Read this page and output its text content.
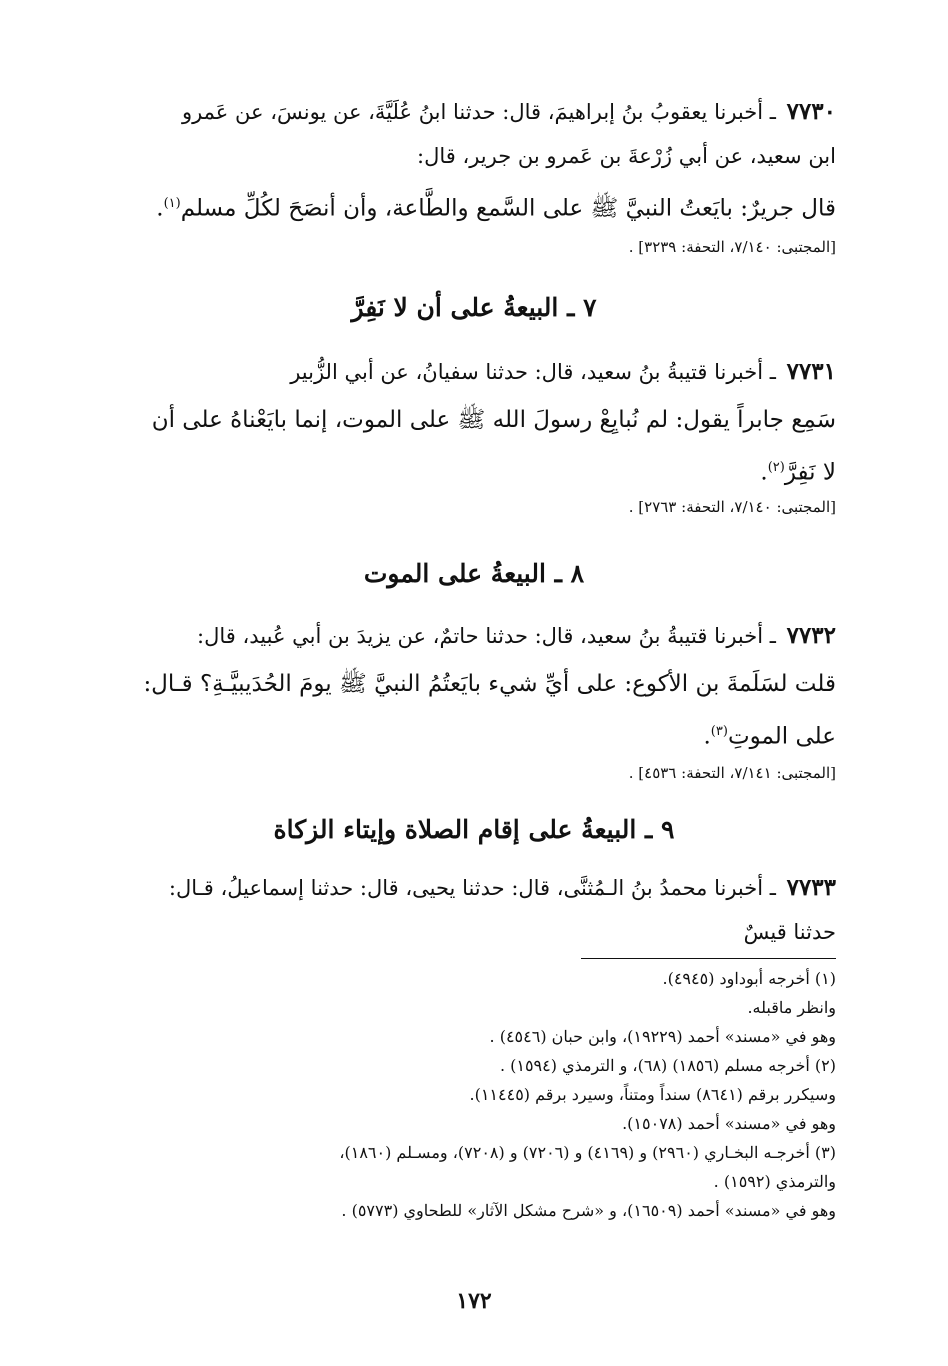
٧٧٣٠ ـ أخبرنا يعقوبُ بنُ إبراهيمَ، قال: حدثنا ابنُ عُلَيَّةَ، عن يونسَ، عن عَمرو
ابن سعيد، عن أبي زُرْعةَ بن عَمرو بن جرير، قال:
قال جريرٌ: بايَعتُ النبيَّ ﷺ على السَّمع والطَّاعة، وأن أنصَحَ لكُلِّ مسلم$^{(١)}$.
[المجتبى: ٧/١٤٠، التحفة: ٣٢٣٩] .
٧ ـ البيعةُ على أن لا نَفِرَّ
٧٧٣١ ـ أخبرنا قتيبةُ بنُ سعيد، قال: حدثنا سفيانُ، عن أبي الزُّبير
سَمِع جابراً يقول: لم نُبايِعْ رسولَ الله ﷺ على الموت، إنما بايَعْناهُ على أن
لا نَفِرَّ$^{(٢)}$.
[المجتبى: ٧/١٤٠، التحفة: ٢٧٦٣] .
٨ ـ البيعةُ على الموت
٧٧٣٢ ـ أخبرنا قتيبةُ بنُ سعيد، قال: حدثنا حاتمٌ، عن يزيدَ بن أبي عُبيد، قال:
قلت لسَلَمةَ بن الأكوع: على أيِّ شيء بايَعتُمُ النبيَّ ﷺ يومَ الحُدَيبيَّـةِ؟ قـال:
على الموتِ$^{(٣)}$.
[المجتبى: ٧/١٤١، التحفة: ٤٥٣٦] .
٩ ـ البيعةُ على إقام الصلاة وإيتاء الزكاة
٧٧٣٣ ـ أخبرنا محمدُ بنُ الـمُثنَّى، قال: حدثنا يحيى، قال: حدثنا إسماعيلُ، قـال:
حدثنا قيسٌ
(١) أخرجه أبوداود (٤٩٤٥).
وانظر ماقبله.
وهو في «مسند» أحمد (١٩٢٢٩)، وابن حبان (٤٥٤٦) .
(٢) أخرجه مسلم (١٨٥٦) (٦٨)، و الترمذي (١٥٩٤) .
وسيكرر برقم (٨٦٤١) سنداً ومتناً، وسيرد برقم (١١٤٤٥).
وهو في «مسند» أحمد (١٥٠٧٨).
(٣) أخرجـه البخـاري (٢٩٦٠) و (٤١٦٩) و (٧٢٠٦) و (٧٢٠٨)، ومسـلم (١٨٦٠)،
والترمذي (١٥٩٢) .
وهو في «مسند» أحمد (١٦٥٠٩)، و «شرح مشكل الآثار» للطحاوي (٥٧٧٣) .
١٧٢
